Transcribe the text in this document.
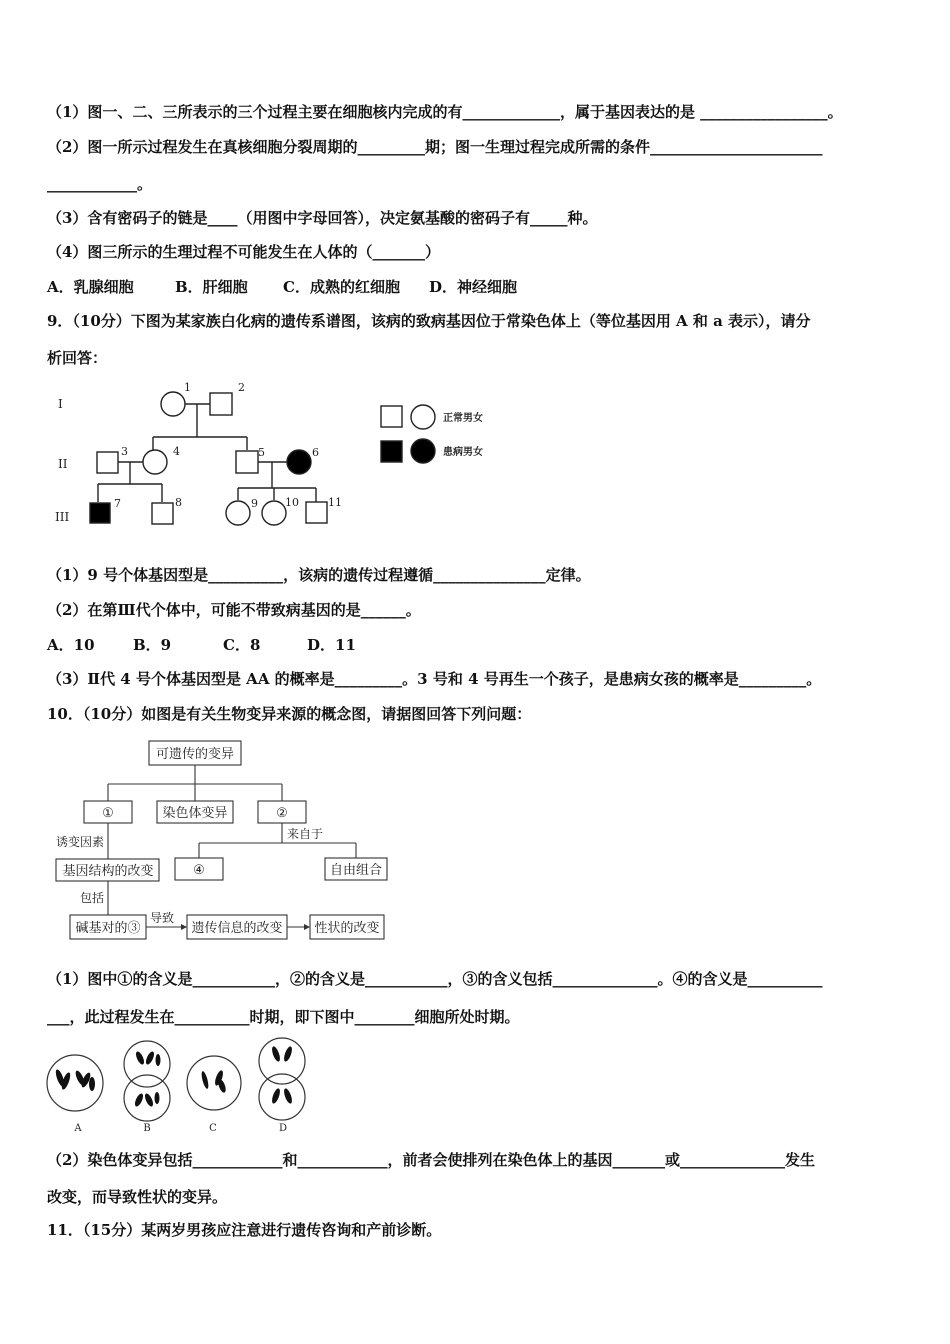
（1）图一、二、三所表示的三个过程主要在细胞核内完成的有_____________，属于基因表达的是 _________________。
（2）图一所示过程发生在真核细胞分裂周期的_________期；图一生理过程完成所需的条件_______________________
____________。
（3）含有密码子的链是____（用图中字母回答），决定氨基酸的密码子有_____种。
（4）图三所示的生理过程不可能发生在人体的（_______）
A．乳腺细胞	B．肝细胞 C．成熟的红细胞 D．神经细胞
9．（10分）下图为某家族白化病的遗传系谱图，该病的致病基因位于常染色体上（等位基因用 A 和 a 表示），请分
析回答：
I
II
III
1	2
3	4	5	6
7	8	9 10	11
正常男女
患病男女
（1）9 号个体基因型是__________，该病的遗传过程遵循_______________定律。
（2）在第Ⅲ代个体中，可能不带致病基因的是______。
A．10	B．9	C．8	D．11
（3）Ⅱ代 4 号个体基因型是 AA 的概率是_________。3 号和 4 号再生一个孩子，是患病女孩的概率是_________。
10．（10分）如图是有关生物变异来源的概念图，请据图回答下列问题：
可遗传的变异
①	染色体变异	②
④	自由组合
基因结构的改变
碱基对的③	遗传信息的改变 性状的改变
诱变因素
来自于
包括
导致
（1）图中①的含义是___________，②的含义是___________，③的含义包括______________。④的含义是__________
___，此过程发生在__________时期，即下图中________细胞所处时期。
A	B	C	D
（2）染色体变异包括____________和____________，前者会使排列在染色体上的基因_______或______________发生
改变，而导致性状的变异。
11．（15分）某两岁男孩应注意进行遗传咨询和产前诊断。
